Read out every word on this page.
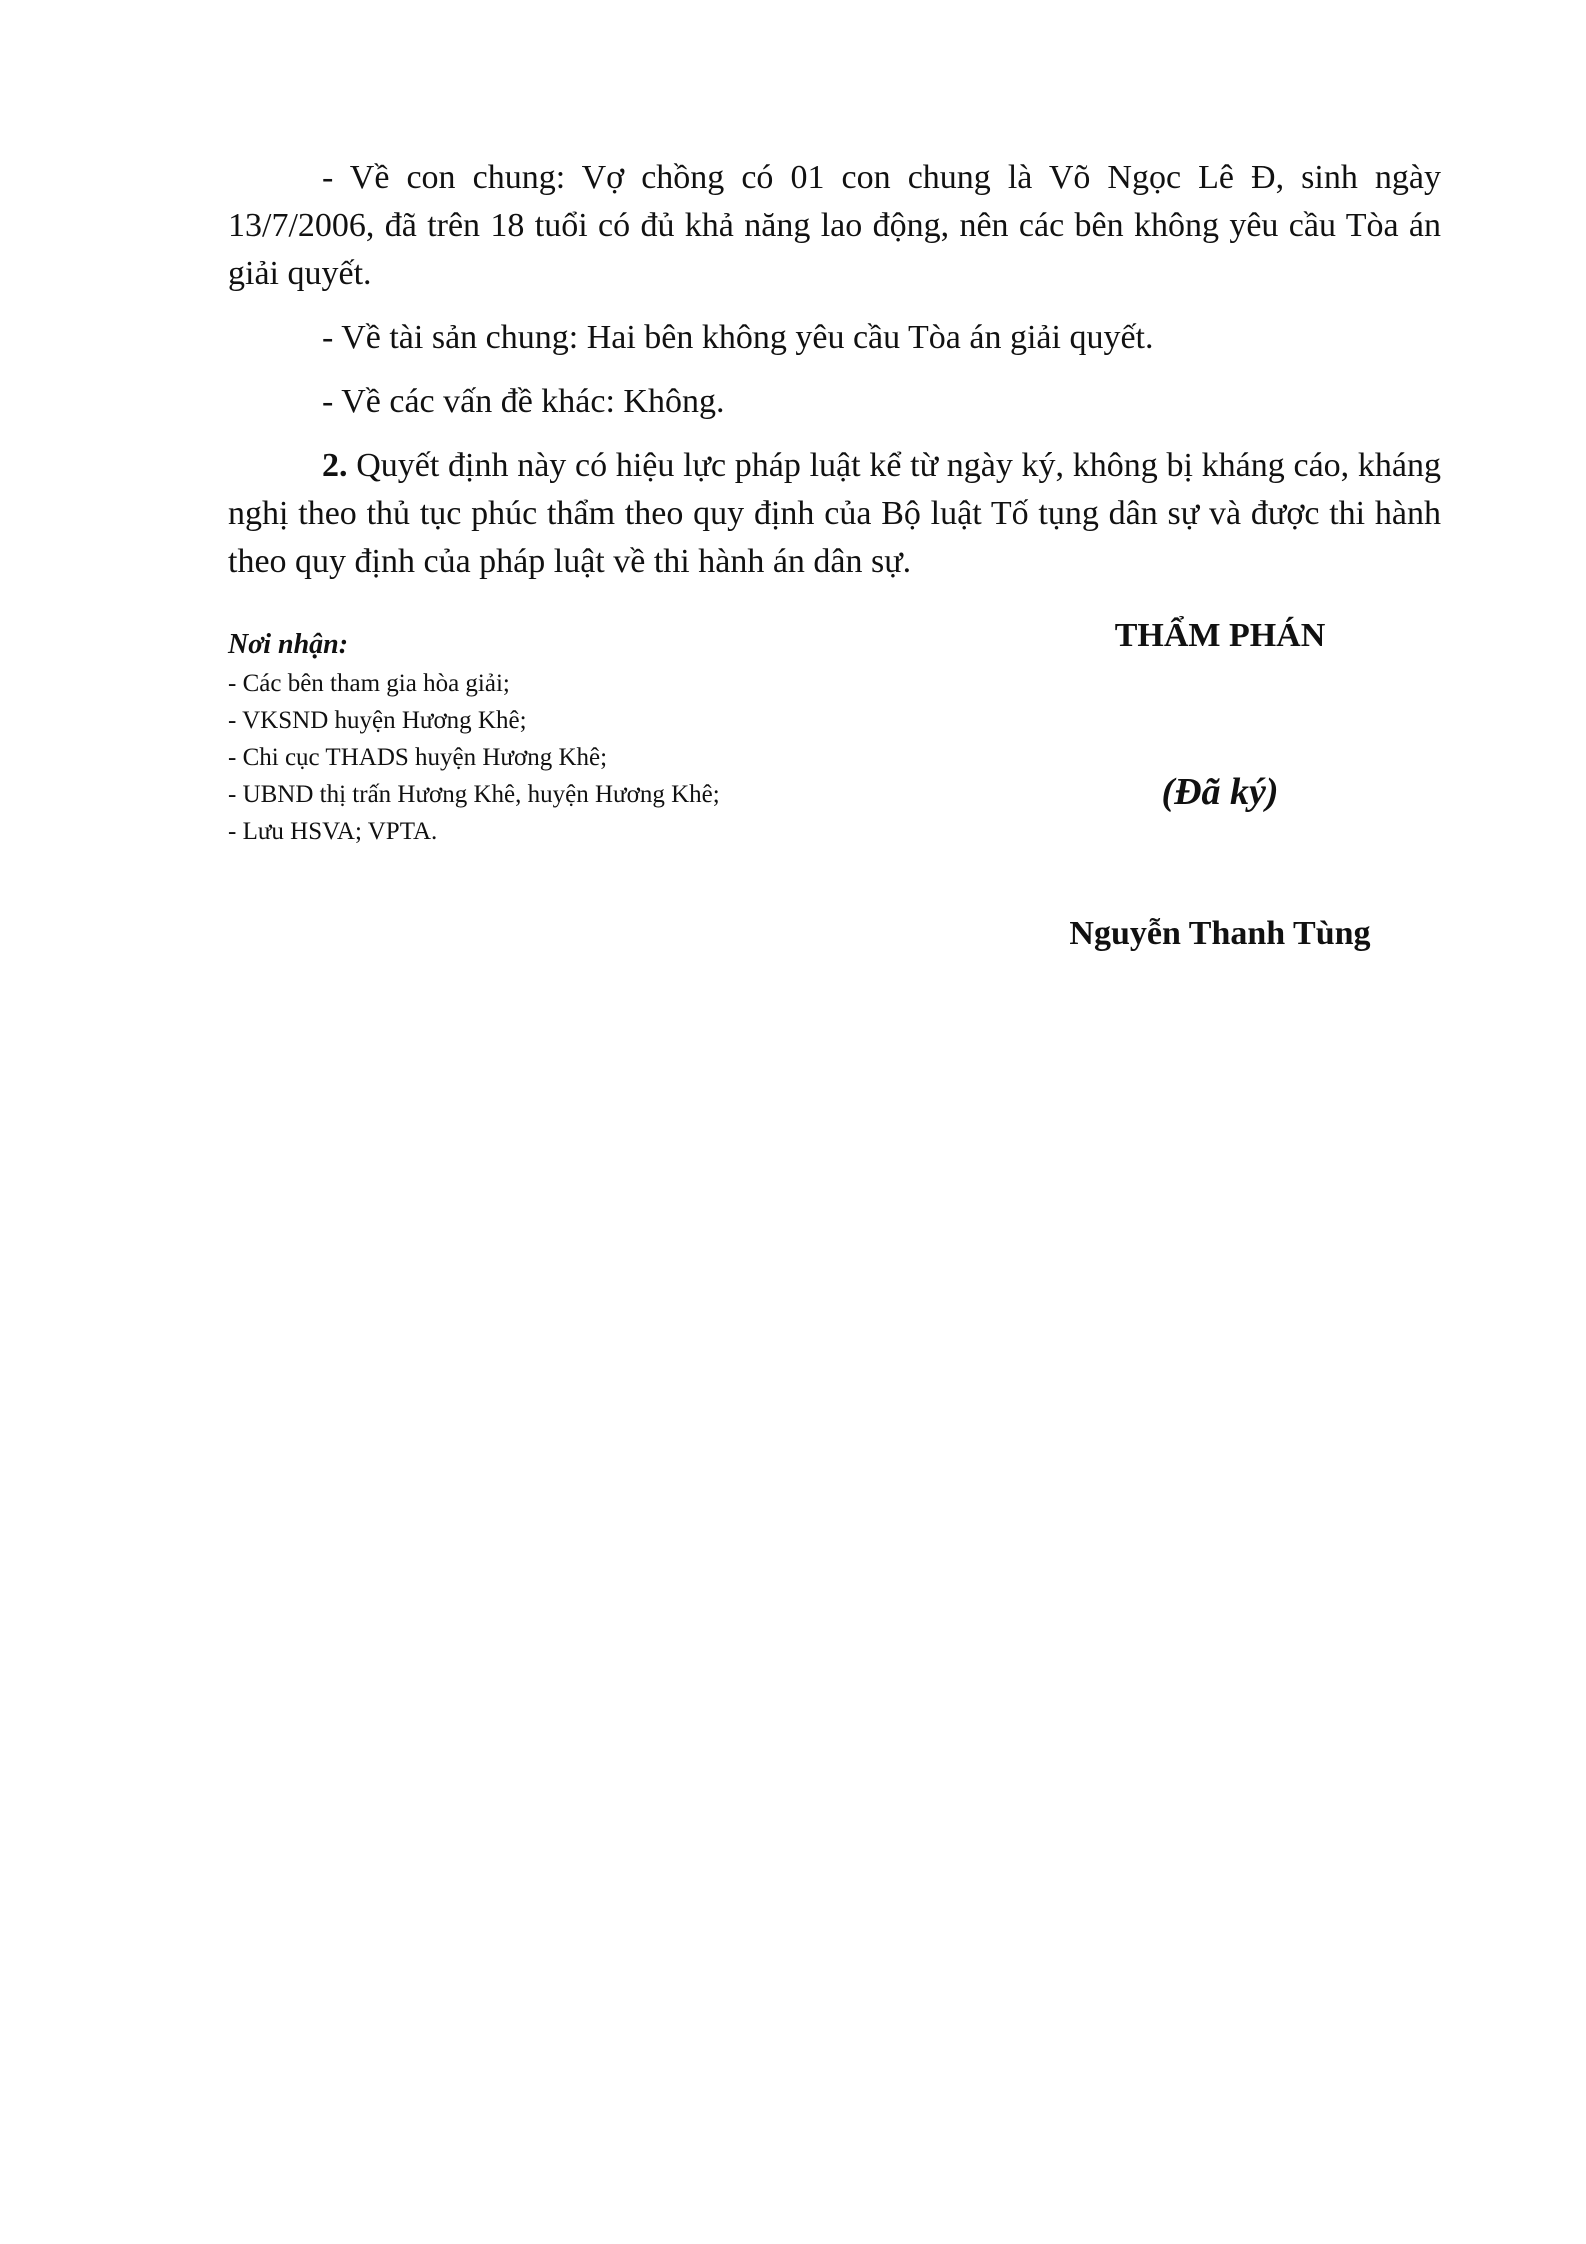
- Về con chung: Vợ chồng có 01 con chung là Võ Ngọc Lê Đ, sinh ngày 13/7/2006, đã trên 18 tuổi có đủ khả năng lao động, nên các bên không yêu cầu Tòa án giải quyết.

- Về tài sản chung: Hai bên không yêu cầu Tòa án giải quyết.

- Về các vấn đề khác: Không.

2. Quyết định này có hiệu lực pháp luật kể từ ngày ký, không bị kháng cáo, kháng nghị theo thủ tục phúc thẩm theo quy định của Bộ luật Tố tụng dân sự và được thi hành theo quy định của pháp luật về thi hành án dân sự.

Nơi nhận:

- Các bên tham gia hòa giải;

- VKSND huyện Hương Khê;

- Chi cục THADS huyện Hương Khê;

- UBND thị trấn Hương Khê, huyện Hương Khê;

- Lưu HSVA; VPTA.

THẨM PHÁN

(Đã ký)

Nguyễn Thanh Tùng
